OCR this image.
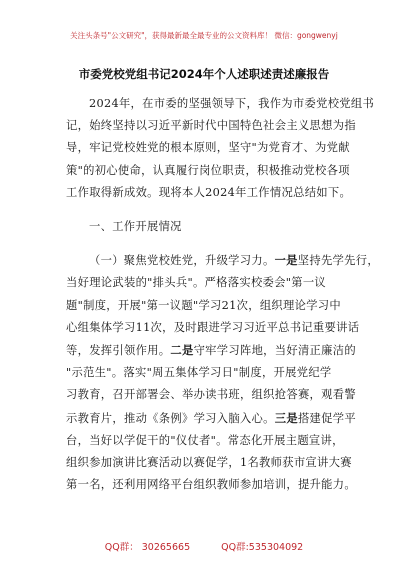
关注头条号"公文研究"，获得最新最全最专业的公文资料库！ 微信：gongwenyj
市委党校党组书记2024年个人述职述责述廉报告
2024年，在市委的坚强领导下，我作为市委党校党组书
记，始终坚持以习近平新时代中国特色社会主义思想为指
导，牢记党校姓党的根本原则，坚守"为党育才、为党献
策"的初心使命，认真履行岗位职责，积极推动党校各项
工作取得新成效。现将本人2024年工作情况总结如下。
一、工作开展情况
（一）聚焦党校姓党，升级学习力。一是坚持先学先行，
当好理论武装的"排头兵"。严格落实校委会"第一议
题"制度，开展"第一议题"学习21次，组织理论学习中
心组集体学习11次，及时跟进学习习近平总书记重要讲话
等，发挥引领作用。二是守牢学习阵地，当好清正廉洁的
"示范生"。落实"周五集体学习日"制度，开展党纪学
习教育，召开部署会、举办读书班，组织抢答赛，观看警
示教育片，推动《条例》学习入脑入心。三是搭建促学平
台，当好以学促干的"仪仗者"。常态化开展主题宣讲，
组织参加演讲比赛活动以赛促学，1名教师获市宣讲大赛
第一名，还利用网络平台组织教师参加培训，提升能力。
QQ群： 30265665	QQ群:535304092
